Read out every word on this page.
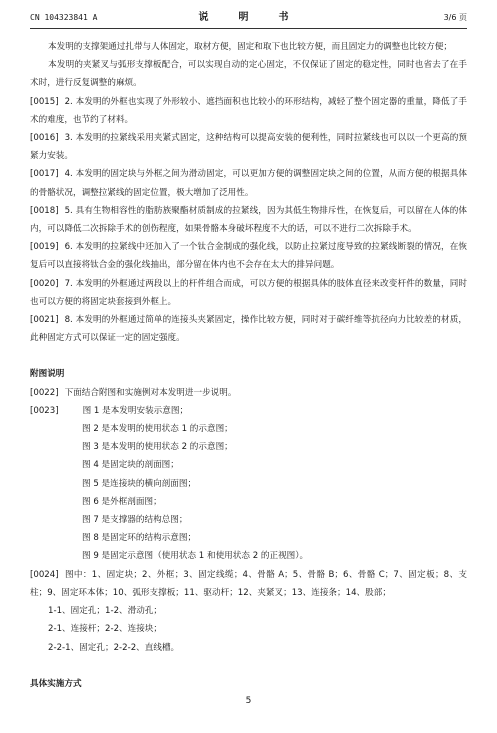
CN 104323841 A	说　明　书	3/6 页

本发明的支撑架通过扎带与人体固定，取材方便，固定和取下也比较方便，而且固定力的调整也比较方便；

本发明的夹紧叉与弧形支撑板配合，可以实现自动的定心固定，不仅保证了固定的稳定性，同时也省去了在手术时，进行反复调整的麻烦。

[0015] 2. 本发明的外框也实现了外形较小、遮挡面积也比较小的环形结构，减轻了整个固定器的重量，降低了手术的难度，也节约了材料。

[0016] 3. 本发明的拉紧线采用夹紧式固定，这种结构可以提高安装的便利性，同时拉紧线也可以以一个更高的预紧力安装。

[0017] 4. 本发明的固定块与外框之间为滑动固定，可以更加方便的调整固定块之间的位置，从而方便的根据具体的骨骼状况，调整拉紧线的固定位置，极大增加了泛用性。

[0018] 5. 具有生物相容性的脂肪族聚酯材质制成的拉紧线，因为其低生物排斥性，在恢复后，可以留在人体的体内，可以降低二次拆除手术的创伤程度，如果骨骼本身破坏程度不大的话，可以不进行二次拆除手术。

[0019] 6. 本发明的拉紧线中还加入了一个钛合金制成的强化线，以防止拉紧过度导致的拉紧线断裂的情况，在恢复后可以直接将钛合金的强化线抽出，部分留在体内也不会存在太大的排异问题。

[0020] 7. 本发明的外框通过两段以上的杆件组合而成，可以方便的根据具体的肢体直径来改变杆件的数量，同时也可以方便的将固定块套接到外框上。

[0021] 8. 本发明的外框通过简单的连接头夹紧固定，操作比较方便，同时对于碳纤维等抗径向力比较差的材质，此种固定方式可以保证一定的固定强度。

附图说明

[0022] 下面结合附图和实施例对本发明进一步说明。

[0023]	图 1 是本发明安装示意图；

图 2 是本发明的使用状态 1 的示意图；

图 3 是本发明的使用状态 2 的示意图；

图 4 是固定块的剖面图；

图 5 是连接块的横向剖面图；

图 6 是外框剖面图；

图 7 是支撑器的结构总图；

图 8 是固定环的结构示意图；

图 9 是固定示意图（使用状态 1 和使用状态 2 的正视图）。

[0024] 图中：1、固定块；2、外框；3、固定线缆；4、骨骼 A；5、骨骼 B；6、骨骼 C；7、固定板；8、支柱；9、固定环本体；10、弧形支撑板；11、驱动杆；12、夹紧叉；13、连接条；14、股部；

1-1、固定孔；1-2、滑动孔；

2-1、连接杆；2-2、连接块；

2-2-1、固定孔；2-2-2、直线槽。

具体实施方式

5
